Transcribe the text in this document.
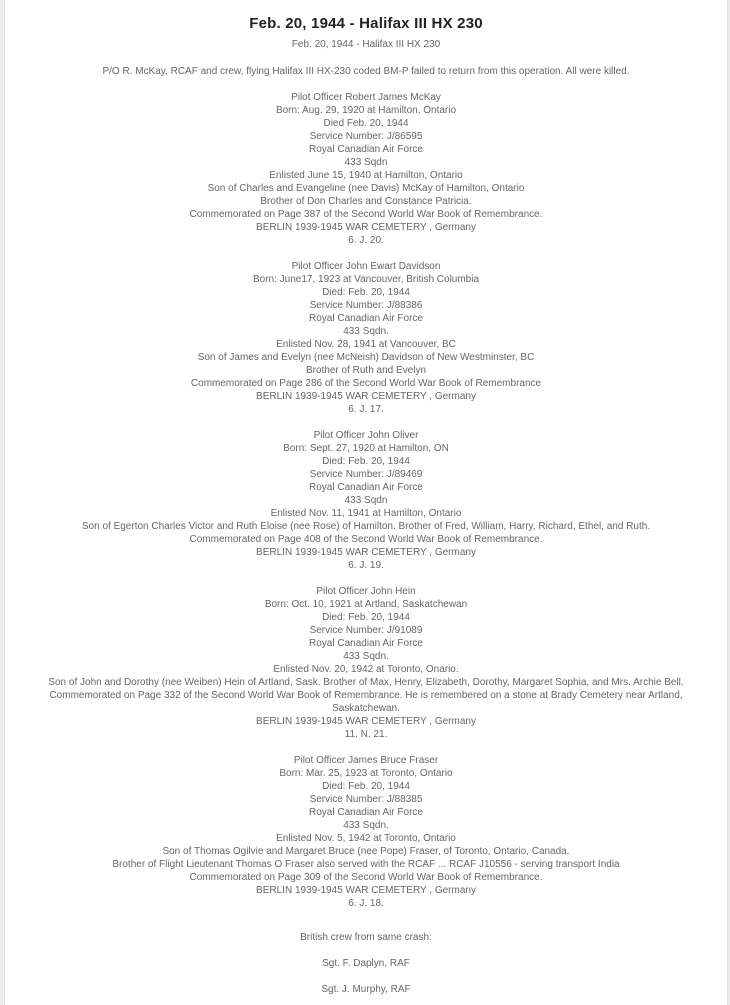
Feb. 20, 1944 - Halifax III HX 230
Feb. 20, 1944 - Halifax III HX 230
P/O R. McKay, RCAF and crew, flying Halifax III HX-230 coded BM-P failed to return from this operation. All were killed.
Pilot Officer Robert James McKay
Born: Aug. 29, 1920 at Hamilton, Ontario
Died Feb. 20, 1944
Service Number: J/86595
Royal Canadian Air Force
433 Sqdn
Enlisted June 15, 1940 at Hamilton, Ontario
Son of Charles and Evangeline (nee Davis) McKay of Hamilton, Ontario
Brother of Don Charles and Constance Patricia.
Commemorated on Page 387 of the Second World War Book of Remembrance.
BERLIN 1939-1945 WAR CEMETERY , Germany
6. J. 20.
Pilot Officer John Ewart Davidson
Born: June17, 1923 at Vancouver, British Columbia
Died: Feb. 20, 1944
Service Number: J/88386
Royal Canadian Air Force
433 Sqdn.
Enlisted Nov. 28, 1941 at Vancouver, BC
Son of James and Evelyn (nee McNeish) Davidson of New Westminster, BC
Brother of Ruth and Evelyn
Commemorated on Page 286 of the Second World War Book of Remembrance
BERLIN 1939-1945 WAR CEMETERY , Germany
6. J. 17.
Pilot Officer John Oliver
Born: Sept. 27, 1920 at Hamilton, ON
Died: Feb. 20, 1944
Service Number: J/89469
Royal Canadian Air Force
433 Sqdn
Enlisted Nov. 11, 1941 at Hamilton, Ontario
Son of Egerton Charles Victor and Ruth Eloise (nee Rose) of Hamilton. Brother of Fred, William, Harry, Richard, Ethel, and Ruth.
Commemorated on Page 408 of the Second World War Book of Remembrance.
BERLIN 1939-1945 WAR CEMETERY , Germany
6. J. 19.
Pilot Officer John Hein
Born: Oct. 10, 1921 at Artland, Saskatchewan
Died: Feb. 20, 1944
Service Number: J/91089
Royal Canadian Air Force
433 Sqdn.
Enlisted Nov. 20, 1942 at Toronto, Onario.
Son of John and Dorothy (nee Weiben) Hein of Artland, Sask. Brother of Max, Henry, Elizabeth, Dorothy, Margaret Sophia, and Mrs. Archie Bell.
Commemorated on Page 332 of the Second World War Book of Remembrance. He is remembered on a stone at Brady Cemetery near Artland, Saskatchewan.
BERLIN 1939-1945 WAR CEMETERY , Germany
11. N. 21.
Pilot Officer James Bruce Fraser
Born: Mar. 25, 1923 at Toronto, Ontario
Died: Feb. 20, 1944
Service Number: J/88385
Royal Canadian Air Force
433 Sqdn.
Enlisted Nov. 5, 1942 at Toronto, Ontario
Son of Thomas Ogilvie and Margaret Bruce (nee Pope) Fraser, of Toronto, Ontario, Canada.
Brother of Flight Lieutenant Thomas O Fraser also served with the RCAF ... RCAF J10556 - serving transport India
Commemorated on Page 309 of the Second World War Book of Remembrance.
BERLIN 1939-1945 WAR CEMETERY , Germany
6. J. 18.
British crew from same crash:
Sgt. F. Daplyn, RAF
Sgt. J. Murphy, RAF
